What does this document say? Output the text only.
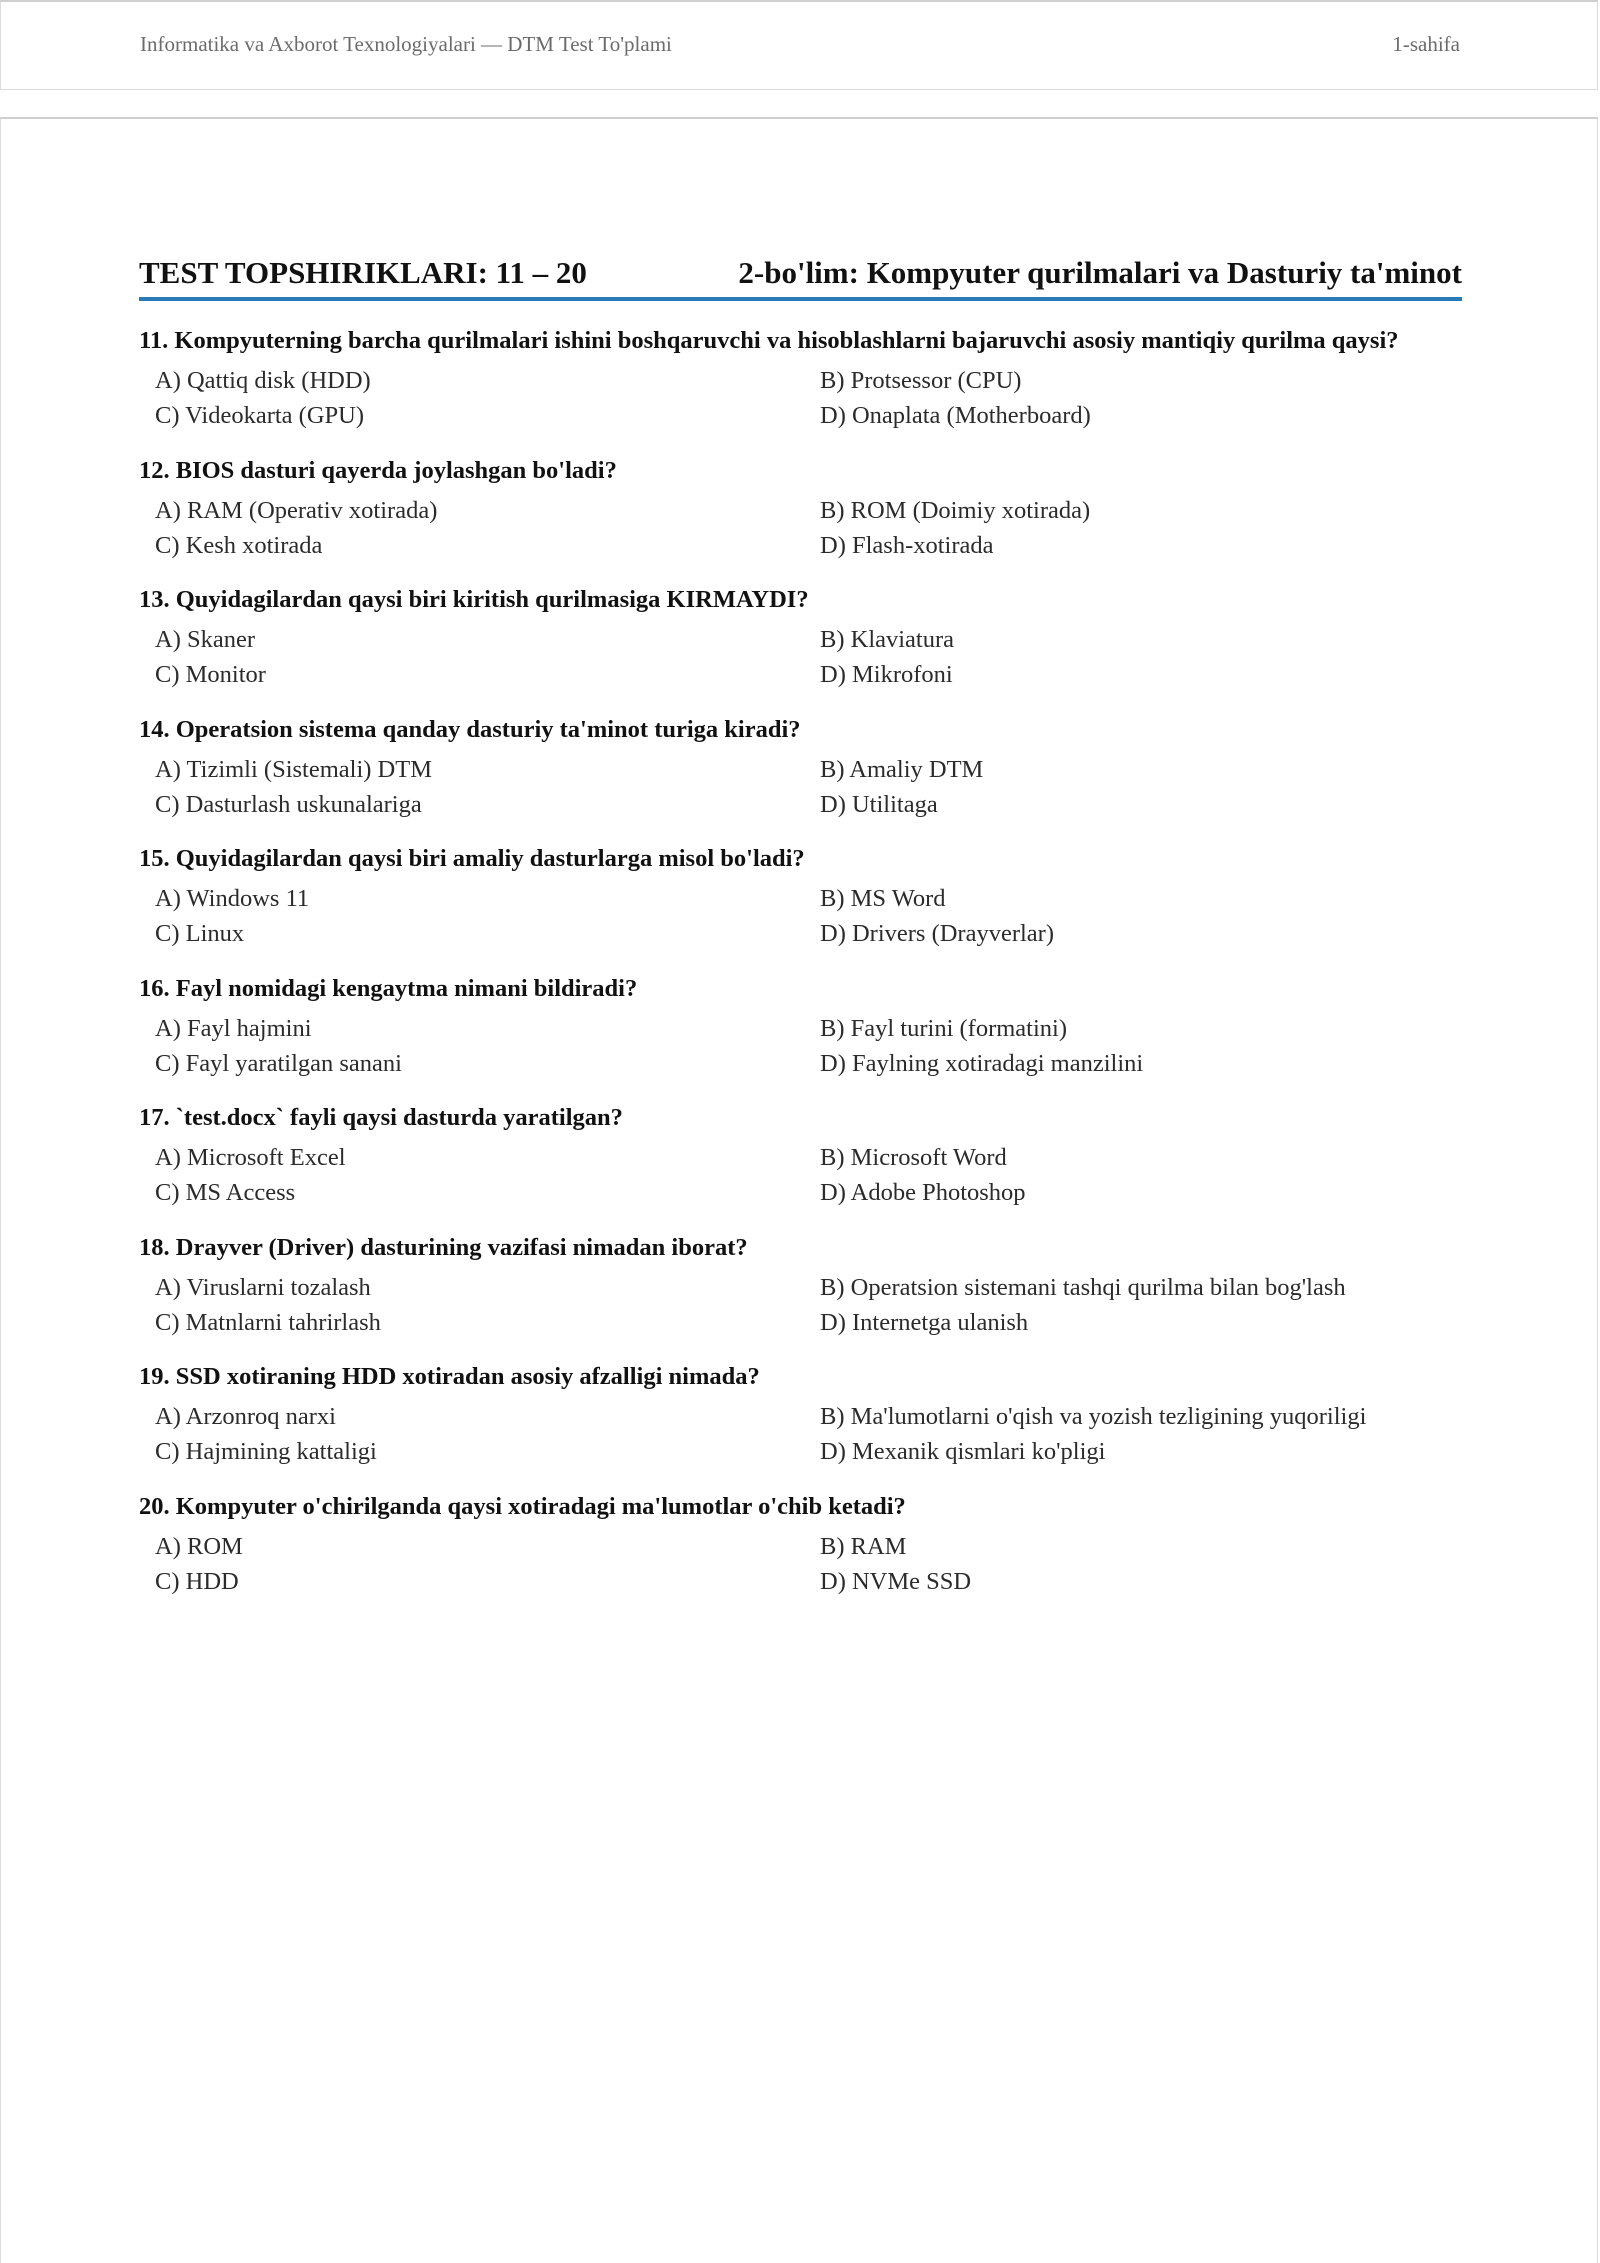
Informatika va Axborot Texnologiyalari — DTM Test To'plami	1-sahifa
TEST TOPSHIRIKLARI: 11 – 20	2-bo'lim: Kompyuter qurilmalari va Dasturiy ta'minot
11. Kompyuterning barcha qurilmalari ishini boshqaruvchi va hisoblashlarni bajaruvchi asosiy mantiqiy qurilma qaysi?
A) Qattiq disk (HDD)	B) Protsessor (CPU)
C) Videokarta (GPU)	D) Onaplata (Motherboard)
12. BIOS dasturi qayerda joylashgan bo'ladi?
A) RAM (Operativ xotirada)	B) ROM (Doimiy xotirada)
C) Kesh xotirada	D) Flash-xotirada
13. Quyidagilardan qaysi biri kiritish qurilmasiga KIRMAYDI?
A) Skaner	B) Klaviatura
C) Monitor	D) Mikrofoni
14. Operatsion sistema qanday dasturiy ta'minot turiga kiradi?
A) Tizimli (Sistemali) DTM	B) Amaliy DTM
C) Dasturlash uskunalariga	D) Utilitaga
15. Quyidagilardan qaysi biri amaliy dasturlarga misol bo'ladi?
A) Windows 11	B) MS Word
C) Linux	D) Drivers (Drayverlar)
16. Fayl nomidagi kengaytma nimani bildiradi?
A) Fayl hajmini	B) Fayl turini (formatini)
C) Fayl yaratilgan sanani	D) Faylning xotiradagi manzilini
17. `test.docx` fayli qaysi dasturda yaratilgan?
A) Microsoft Excel	B) Microsoft Word
C) MS Access	D) Adobe Photoshop
18. Drayver (Driver) dasturining vazifasi nimadan iborat?
A) Viruslarni tozalash	B) Operatsion sistemani tashqi qurilma bilan bog'lash
C) Matnlarni tahrirlash	D) Internetga ulanish
19. SSD xotiraning HDD xotiradan asosiy afzalligi nimada?
A) Arzonroq narxi	B) Ma'lumotlarni o'qish va yozish tezligining yuqoriligi
C) Hajmining kattaligi	D) Mexanik qismlari ko'pligi
20. Kompyuter o'chirilganda qaysi xotiradagi ma'lumotlar o'chib ketadi?
A) ROM	B) RAM
C) HDD	D) NVMe SSD
